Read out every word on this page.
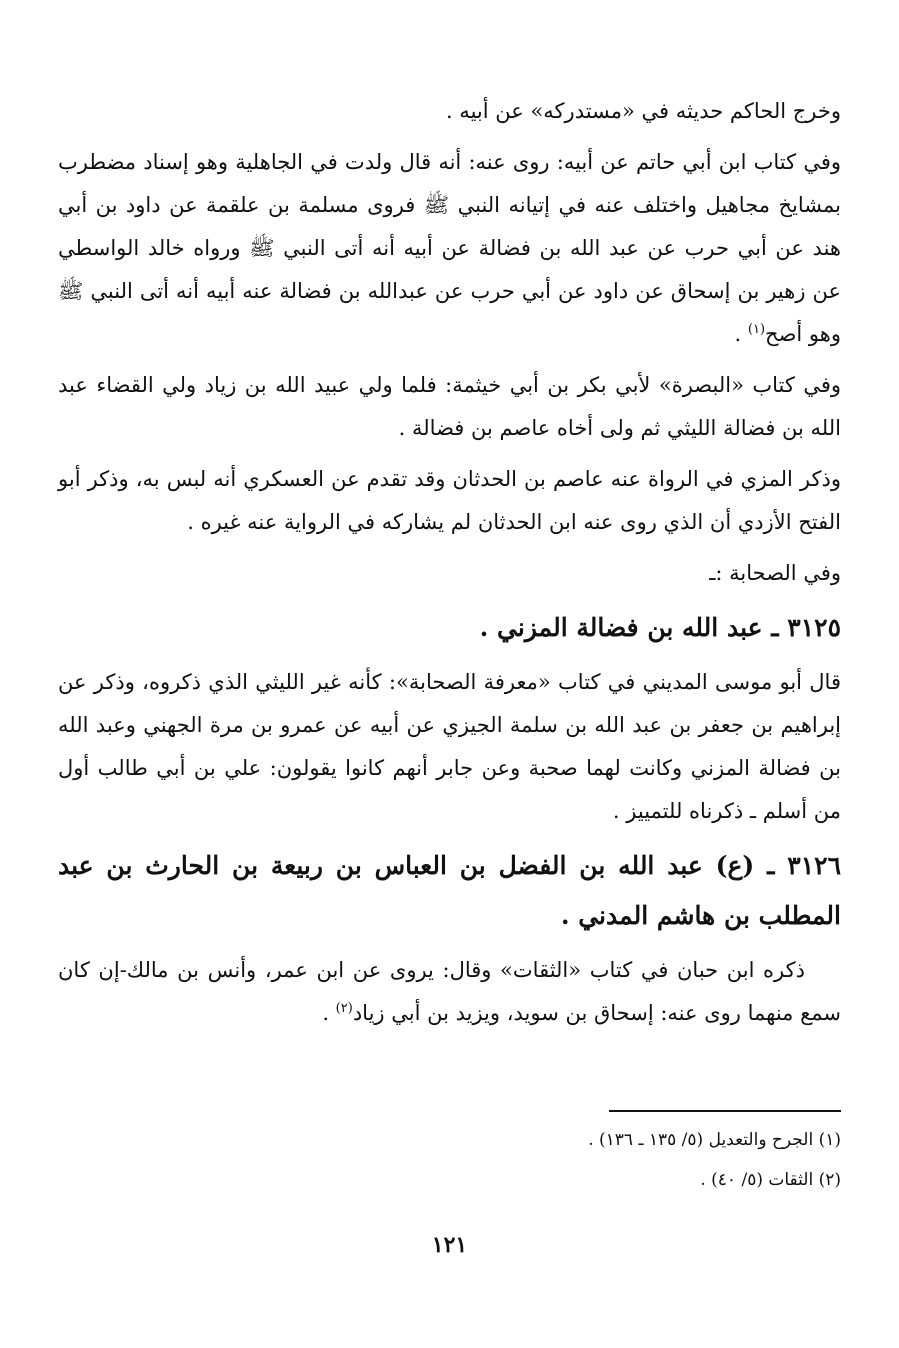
وخرج الحاكم حديثه في «مستدركه» عن أبيه .

وفي كتاب ابن أبي حاتم عن أبيه: روى عنه: أنه قال ولدت في الجاهلية وهو إسناد مضطرب بمشايخ مجاهيل واختلف عنه في إتيانه النبي ﷺ فروى مسلمة بن علقمة عن داود بن أبي هند عن أبي حرب عن عبد الله بن فضالة عن أبيه أنه أتى النبي ﷺ ورواه خالد الواسطي عن زهير بن إسحاق عن داود عن أبي حرب عن عبدالله بن فضالة عنه أبيه أنه أتى النبي ﷺ وهو أصح$^{(١)}$ .

وفي كتاب «البصرة» لأبي بكر بن أبي خيثمة: فلما ولي عبيد الله بن زياد ولي القضاء عبد الله بن فضالة الليثي ثم ولى أخاه عاصم بن فضالة .

وذكر المزي في الرواة عنه عاصم بن الحدثان وقد تقدم عن العسكري أنه لبس به، وذكر أبو الفتح الأزدي أن الذي روى عنه ابن الحدثان لم يشاركه في الرواية عنه غيره .

وفي الصحابة :ـ

٣١٢٥ ـ عبد الله بن فضالة المزني .

قال أبو موسى المديني في كتاب «معرفة الصحابة»: كأنه غير الليثي الذي ذكروه، وذكر عن إبراهيم بن جعفر بن عبد الله بن سلمة الجيزي عن أبيه عن عمرو بن مرة الجهني وعبد الله بن فضالة المزني وكانت لهما صحبة وعن جابر أنهم كانوا يقولون: علي بن أبي طالب أول من أسلم ـ ذكرناه للتمييز .

٣١٢٦ ـ (ع) عبد الله بن الفضل بن العباس بن ربيعة بن الحارث بن عبد المطلب بن هاشم المدني .

ذكره ابن حبان في كتاب «الثقات» وقال: يروى عن ابن عمر، وأنس بن مالك-إن كان سمع منهما روى عنه: إسحاق بن سويد، ويزيد بن أبي زياد$^{(٢)}$ .

(١) الجرح والتعديل (٥/ ١٣٥ ـ ١٣٦) .

(٢) الثقات (٥/ ٤٠) .

١٢١
